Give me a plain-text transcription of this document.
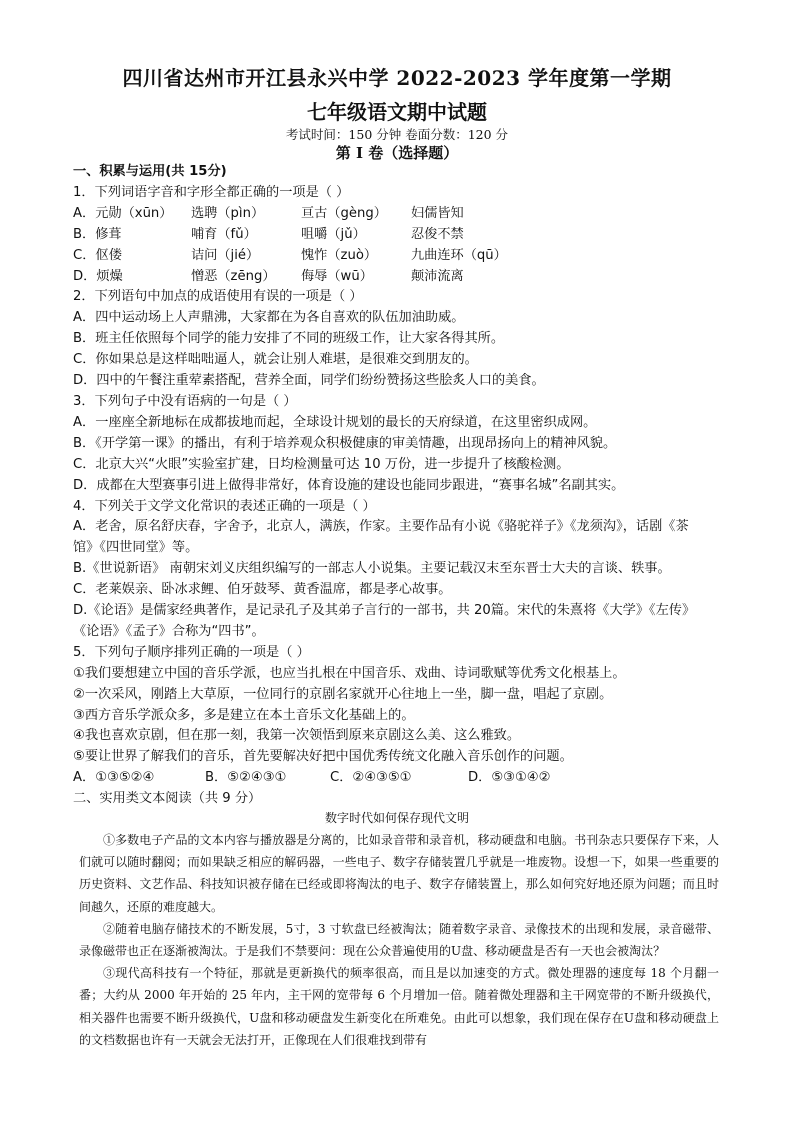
四川省达州市开江县永兴中学 2022-2023 学年度第一学期
七年级语文期中试题
考试时间：150 分钟 卷面分数：120 分
第 I 卷（选择题）
一、积累与运用(共 15分)
1．下列词语字音和字形全都正确的一项是（ ）
A．元勋（xūn） 选聘（pìn）	亘古（gèng） 妇儒皆知
B．修葺	哺育（fǔ）	咀嚼（jǔ）	忍俊不禁
C．伛偻	诘问（jié）	愧怍（zuò）	九曲连环（qū）
D．烦燥	憎恶（zēng） 侮辱（wū）	颠沛流离
2．下列语句中加点的成语使用有误的一项是（ ）
A．四中运动场上人声鼎沸，大家都在为各自喜欢的队伍加油助威。
B．班主任依照每个同学的能力安排了不同的班级工作，让大家各得其所。
C．你如果总是这样咄咄逼人，就会让别人难堪，是很难交到朋友的。
D．四中的午餐注重荤素搭配，营养全面，同学们纷纷赞扬这些脍炙人口的美食。
3．下列句子中没有语病的一句是（ ）
A．一座座全新地标在成都拔地而起，全球设计规划的最长的天府绿道，在这里密织成网。
B．《开学第一课》的播出，有利于培养观众积极健康的审美情趣，出现昂扬向上的精神风貌。
C．北京大兴“火眼”实验室扩建，日均检测量可达 10 万份，进一步提升了核酸检测。
D．成都在大型赛事引进上做得非常好，体育设施的建设也能同步跟进，“赛事名城”名副其实。
4．下列关于文学文化常识的表述正确的一项是（ ）
A．老舍，原名舒庆春，字舍予，北京人，满族，作家。主要作品有小说《骆驼祥子》《龙须沟》，话剧《茶
馆》《四世同堂》等。
B.《世说新语》 南朝宋刘义庆组织编写的一部志人小说集。主要记载汉末至东晋士大夫的言谈、轶事。
C．老莱娱亲、卧冰求鲤、伯牙鼓琴、黄香温席，都是孝心故事。
D.《论语》是儒家经典著作，是记录孔子及其弟子言行的一部书，共 20篇。宋代的朱熹将《大学》《左传》
《论语》《孟子》合称为“四书”。
5．下列句子顺序排列正确的一项是（ ）
①我们要想建立中国的音乐学派，也应当扎根在中国音乐、戏曲、诗词歌赋等优秀文化根基上。
②一次采风，刚踏上大草原，一位同行的京剧名家就开心往地上一坐，脚一盘，唱起了京剧。
③西方音乐学派众多，多是建立在本土音乐文化基础上的。
④我也喜欢京剧，但在那一刻，我第一次领悟到原来京剧这么美、这么雅致。
⑤要让世界了解我们的音乐，首先要解决好把中国优秀传统文化融入音乐创作的问题。
A．①③⑤②④	B．⑤②④③①	C．②④③⑤①	D．⑤③①④②
二、实用类文本阅读（共 9 分）
数字时代如何保存现代文明

①多数电子产品的文本内容与播放器是分离的，比如录音带和录音机，移动硬盘和电脑。书刊杂志只要保存下来，人们就可以随时翻阅；而如果缺乏相应的解码器，一些电子、数字存储装置几乎就是一堆废物。设想一下，如果一些重要的历史资料、文艺作品、科技知识被存储在已经或即将淘汰的电子、数字存储装置上，那么如何究好地还原为问题；而且时间越久，还原的难度越大。

②随着电脑存储技术的不断发展，5寸，3 寸软盘已经被淘汰；随着数字录音、录像技术的出现和发展，录音磁带、录像磁带也正在逐渐被淘汰。于是我们不禁要问：现在公众普遍使用的U盘、移动硬盘是否有一天也会被淘汰？

③现代高科技有一个特征，那就是更新换代的频率很高，而且是以加速变的方式。微处理器的速度每 18 个月翻一番；大约从 2000 年开始的 25 年内，主干网的宽带每 6 个月增加一倍。随着微处理器和主干网宽带的不断升级换代，相关器件也需要不断升级换代，U盘和移动硬盘发生新变化在所难免。由此可以想象，我们现在保存在U盘和移动硬盘上的文档数据也许有一天就会无法打开，正像现在人们很难找到带有
